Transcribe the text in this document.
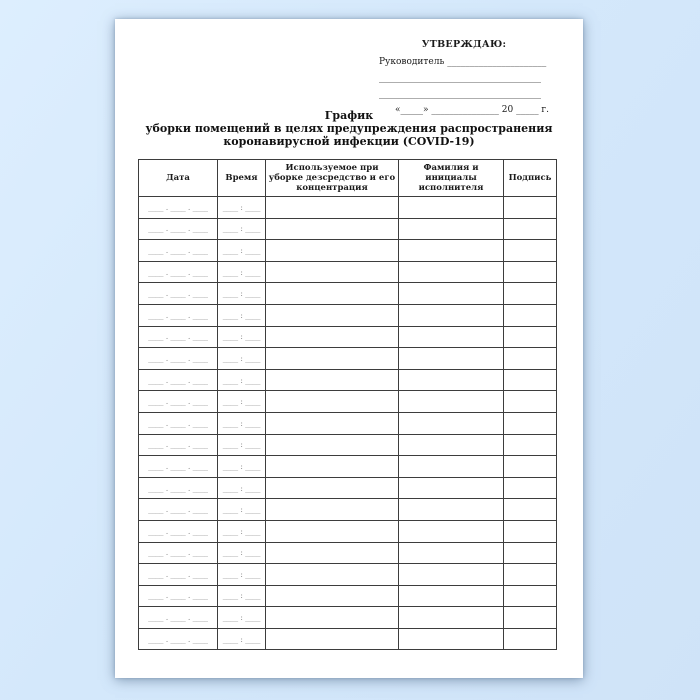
УТВЕРЖДАЮ:
Руководитель ______________________
____________________________________
____________________________________
«_____» _______________ 20 _____ г.
График
уборки помещений в целях предупреждения распространения
коронавирусной инфекции (COVID-19)
Дата	Время	Используемое при уборке дезсредство и его концентрация	Фамилия и инициалы исполнителя	Подпись
____ . ____ . ____	____ : ____			
____ . ____ . ____	____ : ____			
____ . ____ . ____	____ : ____			
____ . ____ . ____	____ : ____			
____ . ____ . ____	____ : ____			
____ . ____ . ____	____ : ____			
____ . ____ . ____	____ : ____			
____ . ____ . ____	____ : ____			
____ . ____ . ____	____ : ____			
____ . ____ . ____	____ : ____			
____ . ____ . ____	____ : ____			
____ . ____ . ____	____ : ____			
____ . ____ . ____	____ : ____			
____ . ____ . ____	____ : ____			
____ . ____ . ____	____ : ____			
____ . ____ . ____	____ : ____			
____ . ____ . ____	____ : ____			
____ . ____ . ____	____ : ____			
____ . ____ . ____	____ : ____			
____ . ____ . ____	____ : ____			
____ . ____ . ____	____ : ____			
